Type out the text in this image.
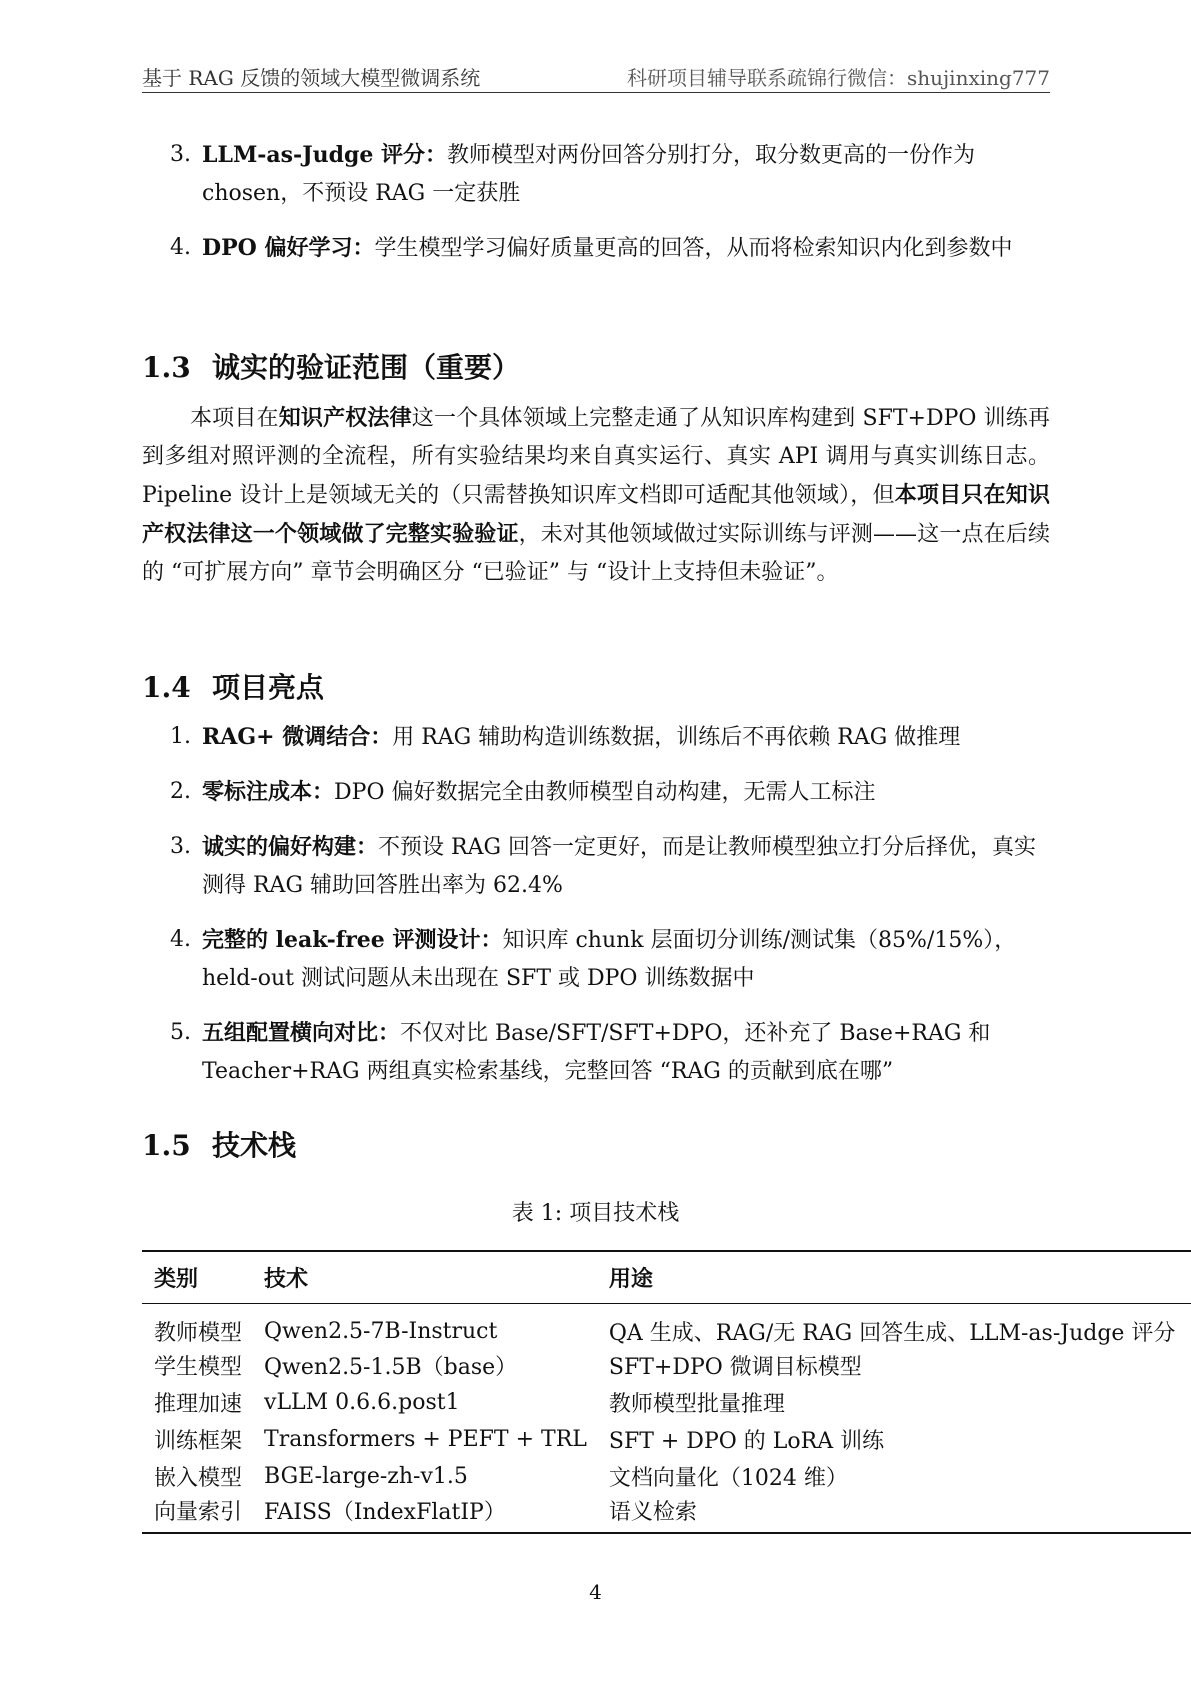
基于 RAG 反馈的领域大模型微调系统	科研项目辅导联系疏锦行微信：shujinxing777
3. LLM-as-Judge 评分：教师模型对两份回答分别打分，取分数更高的一份作为 chosen，不预设 RAG 一定获胜
4. DPO 偏好学习：学生模型学习偏好质量更高的回答，从而将检索知识内化到参数中
1.3 诚实的验证范围（重要）

本项目在知识产权法律这一个具体领域上完整走通了从知识库构建到 SFT+DPO 训练再到多组对照评测的全流程，所有实验结果均来自真实运行、真实 API 调用与真实训练日志。Pipeline 设计上是领域无关的（只需替换知识库文档即可适配其他领域），但本项目只在知识产权法律这一个领域做了完整实验验证，未对其他领域做过实际训练与评测——这一点在后续的 “可扩展方向” 章节会明确区分 “已验证” 与 “设计上支持但未验证”。

1.4 项目亮点
1. RAG+ 微调结合：用 RAG 辅助构造训练数据，训练后不再依赖 RAG 做推理
2. 零标注成本：DPO 偏好数据完全由教师模型自动构建，无需人工标注
3. 诚实的偏好构建：不预设 RAG 回答一定更好，而是让教师模型独立打分后择优，真实测得 RAG 辅助回答胜出率为 62.4%
4. 完整的 leak-free 评测设计：知识库 chunk 层面切分训练/测试集（85%/15%），held-out 测试问题从未出现在 SFT 或 DPO 训练数据中
5. 五组配置横向对比：不仅对比 Base/SFT/SFT+DPO，还补充了 Base+RAG 和 Teacher+RAG 两组真实检索基线，完整回答 “RAG 的贡献到底在哪”
1.5 技术栈
表 1: 项目技术栈
类别	技术	用途
教师模型	Qwen2.5-7B-Instruct	QA 生成、RAG/无 RAG 回答生成、LLM-as-Judge 评分
学生模型	Qwen2.5-1.5B（base）	SFT+DPO 微调目标模型
推理加速	vLLM 0.6.6.post1	教师模型批量推理
训练框架	Transformers + PEFT + TRL	SFT + DPO 的 LoRA 训练
嵌入模型	BGE-large-zh-v1.5	文档向量化（1024 维）
向量索引	FAISS（IndexFlatIP）	语义检索
4
